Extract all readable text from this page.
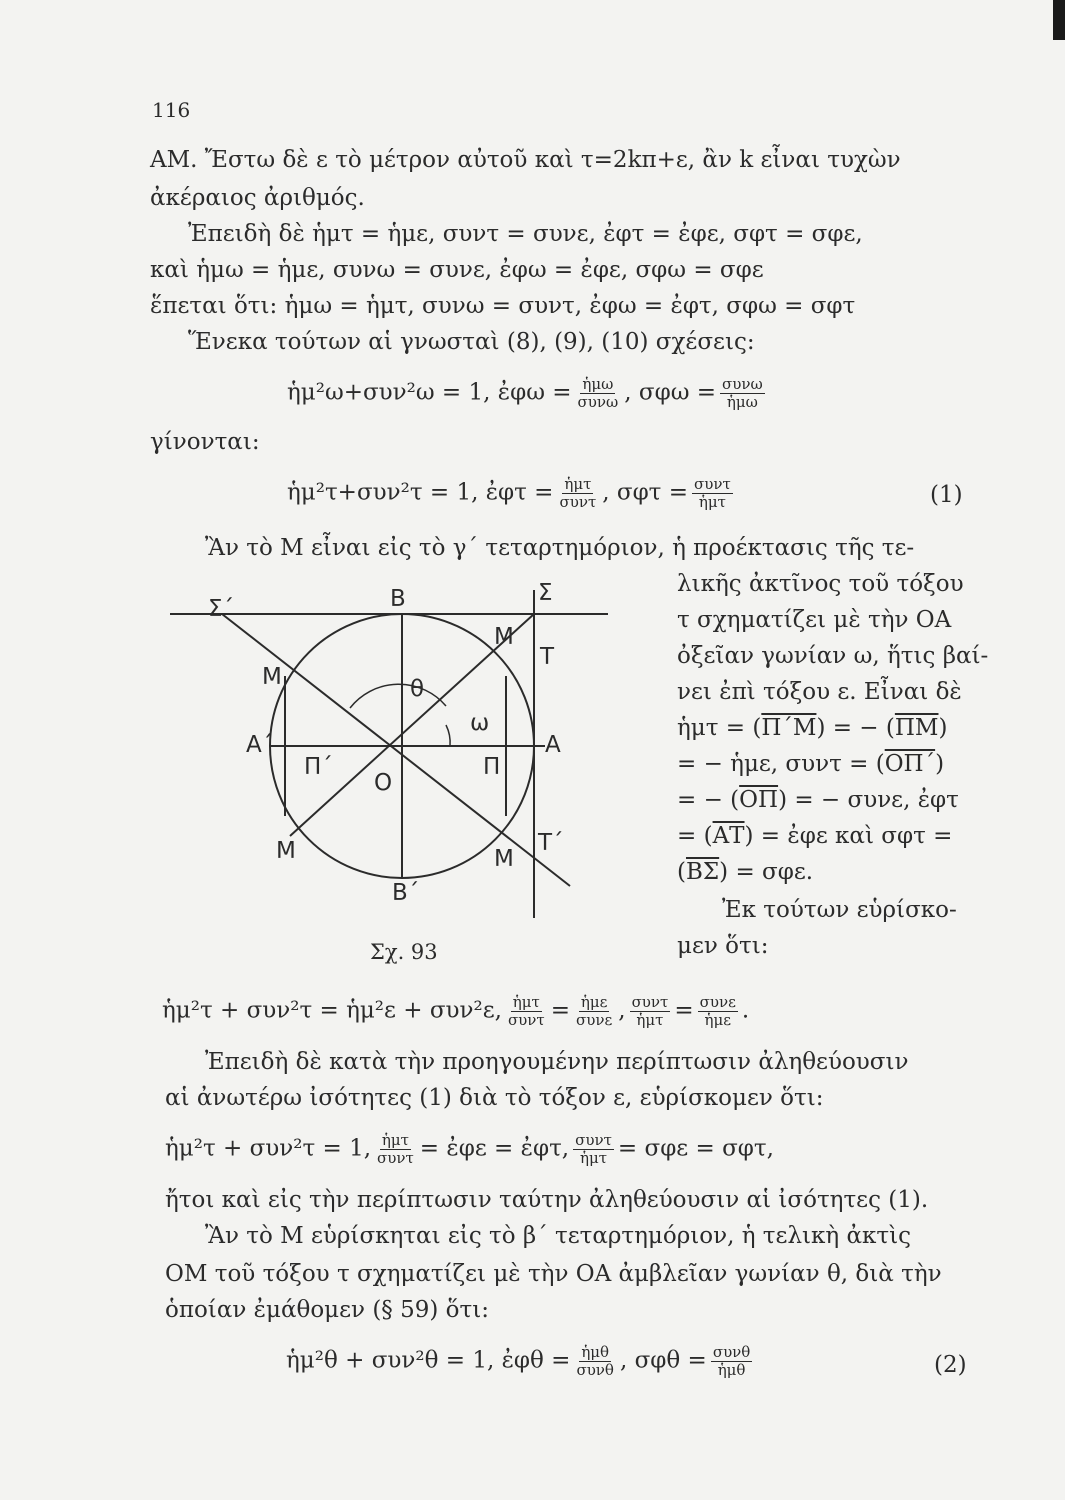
116
ΑΜ. Ἔστω δὲ ε τὸ μέτρον αὐτοῦ καὶ τ=2kπ+ε, ἂν k εἶναι τυχὼν
ἀκέραιος ἀριθμός.
Ἐπειδὴ δὲ ἡμτ = ἡμε, συντ = συνε, ἐφτ = ἐφε, σφτ = σφε,
καὶ ἡμω = ἡμε, συνω = συνε, ἐφω = ἐφε, σφω = σφε
ἕπεται ὅτι: ἡμω = ἡμτ, συνω = συντ, ἐφω = ἐφτ, σφω = σφτ
Ἕνεκα τούτων αἱ γνωσταὶ (8), (9), (10) σχέσεις:
ἡμ²ω+συν²ω = 1, ἐφω = $\frac{\text{ἡμω}}{\text{συνω}}$ , $\sigma\varphi\omega = \frac{\text{συνω}}{\text{ἡμω}}$
γίνονται:
ἡμ²τ+συν²τ = 1, ἐφτ = $\frac{\text{ἡμτ}}{\text{συντ}}$ , $\sigma\varphi\tau = \frac{\text{συντ}}{\text{ἡμτ}}$	(1)
Ἂν τὸ Μ εἶναι εἰς τὸ γ΄ τεταρτημόριον, ἡ προέκτασις τῆς τε-
λικῆς ἀκτῖνος τοῦ τόξου
τ σχηματίζει μὲ τὴν ΟΑ
ὀξεῖαν γωνίαν ω, ἥτις βαί-
νει ἐπὶ τόξου ε. Εἶναι δὲ
ἡμτ = $(\overline{\Pi΄M})$ = − $(\overline{\Pi M})$
= − ἡμε, $\sigma\upsilon\nu\tau = (\overline{O\Pi΄})$
= − $(\overline{O\Pi})$ = − συνε, ἐφτ
= $(\overline{AT})$ = ἐφε καὶ σφτ =
$(\overline{B\Sigma}) = \sigma\varphi\varepsilon$.
Ἐκ τούτων εὑρίσκο-
μεν ὅτι:
Σ΄	Β	Σ
Μ
Τ
Μ	θ
ω
Α΄	Α
Π΄	Π
Ο
Μ	Μ
Τ΄
Β΄
Σχ. 93
ἡμ²τ + συν²τ = ἡμ²ε + συν²ε, $\frac{\text{ἡμτ}}{\text{συντ}} = \frac{\text{ἡμε}}{\text{συνε}}$ , $\frac{\text{συντ}}{\text{ἡμτ}} = \frac{\text{συνε}}{\text{ἡμε}}$ .
Ἐπειδὴ δὲ κατὰ τὴν προηγουμένην περίπτωσιν ἀληθεύουσιν
αἱ ἀνωτέρω ἰσότητες (1) διὰ τὸ τόξον ε, εὑρίσκομεν ὅτι:
ἡμ²τ + συν²τ = 1, $\frac{\text{ἡμτ}}{\text{συντ}}$ = ἐφε = ἐφτ, $\frac{\text{συντ}}{\text{ἡμτ}} = \sigma\varphi\varepsilon = \sigma\varphi\tau$,
ἤτοι καὶ εἰς τὴν περίπτωσιν ταύτην ἀληθεύουσιν αἱ ἰσότητες (1).
Ἂν τὸ Μ εὑρίσκηται εἰς τὸ β΄ τεταρτημόριον, ἡ τελικὴ ἀκτὶς
ΟΜ τοῦ τόξου τ σχηματίζει μὲ τὴν ΟΑ ἀμβλεῖαν γωνίαν θ, διὰ τὴν
ὁποίαν ἐμάθομεν (§ 59) ὅτι:
ἡμ²θ + συν²θ = 1, ἐφθ = $\frac{\text{ἡμθ}}{\text{συνθ}}$ , $\sigma\varphi\theta = \frac{\text{συνθ}}{\text{ἡμθ}}$	(2)
